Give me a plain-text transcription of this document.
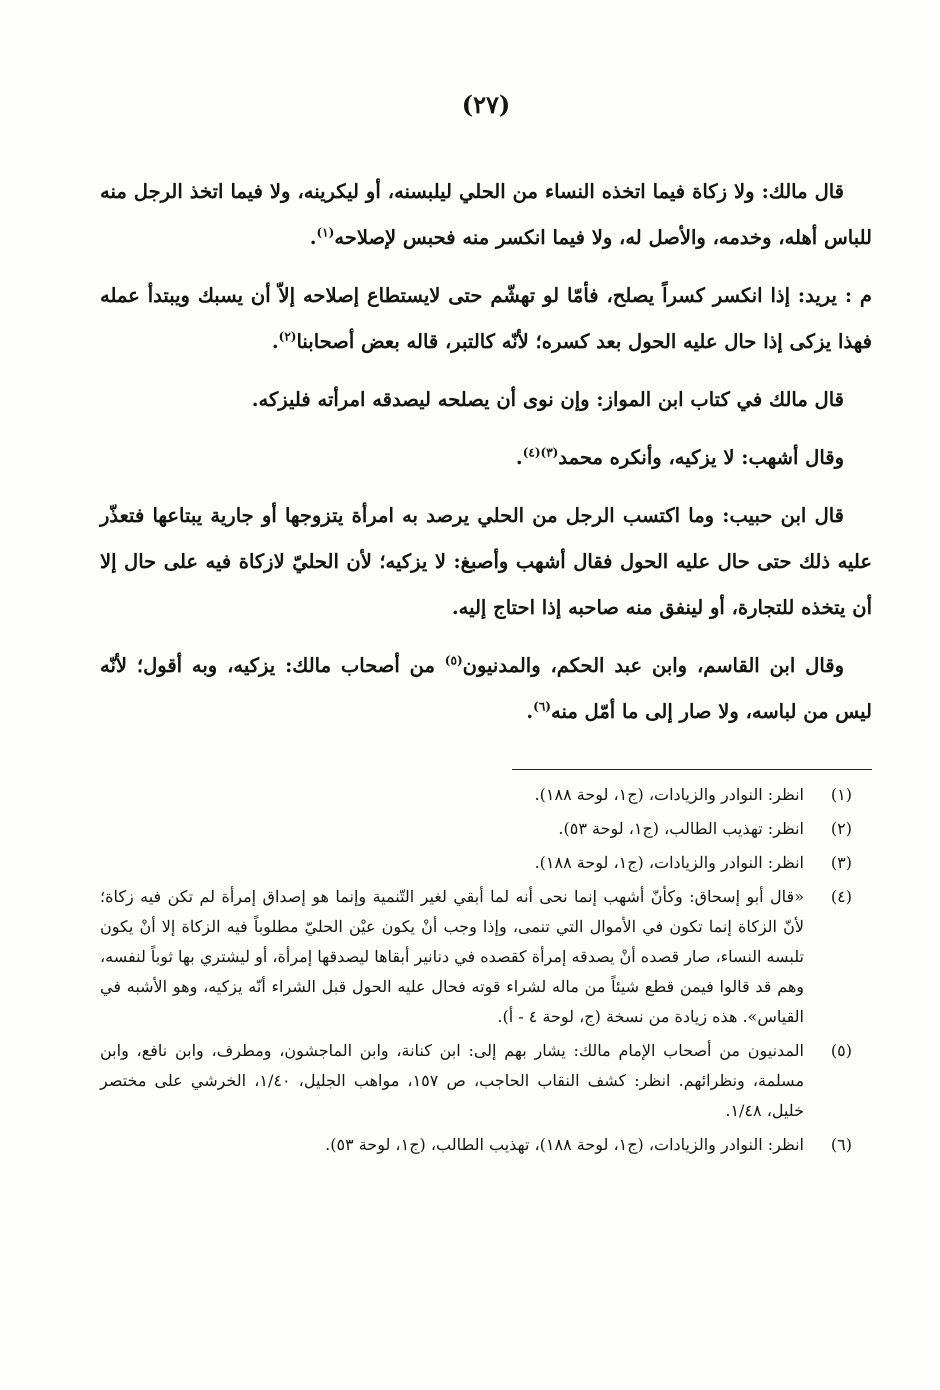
(٢٧)

قال مالك: ولا زكاة فيما اتخذه النساء من الحلي ليلبسنه، أو ليكرينه، ولا فيما اتخذ الرجل منه للباس أهله، وخدمه، والأصل له، ولا فيما انكسر منه فحبس لإصلاحه$^{(١)}$.

م : يريد: إذا انكسر كسراً يصلح، فأمّا لو تهشّم حتى لايستطاع إصلاحه إلاّ أن يسبك ويبتدأ عمله فهذا يزكى إذا حال عليه الحول بعد كسره؛ لأنّه كالتبر، قاله بعض أصحابنا$^{(٢)}$.

قال مالك في كتاب ابن المواز: وإن نوى أن يصلحه ليصدقه امرأته فليزكه.

وقال أشهب: لا يزكيه، وأنكره محمد$^{(٣)(٤)}$.

قال ابن حبيب: وما اكتسب الرجل من الحلي يرصد به امرأة يتزوجها أو جارية يبتاعها فتعذّر عليه ذلك حتى حال عليه الحول فقال أشهب وأصبغ: لا يزكيه؛ لأن الحليّ لازكاة فيه على حال إلا أن يتخذه للتجارة، أو لينفق منه صاحبه إذا احتاج إليه.

وقال ابن القاسم، وابن عبد الحكم، والمدنيون$^{(٥)}$ من أصحاب مالك: يزكيه، وبه أقول؛ لأنّه ليس من لباسه، ولا صار إلى ما أمّل منه$^{(٦)}$.

(١)
انظر: النوادر والزيادات، (ج١، لوحة ١٨٨).
(٢)
انظر: تهذيب الطالب، (ج١، لوحة ٥٣).
(٣)
انظر: النوادر والزيادات، (ج١، لوحة ١٨٨).
(٤)
«قال أبو إسحاق: وكأنّ أشهب إنما نحى أنه لما أبقي لغير التّنمية وإنما هو إصداق إمرأة لم تكن فيه زكاة؛ لأنّ الزكاة إنما تكون في الأموال التي تنمى، وإذا وجب أنْ يكون عيْن الحليّ مطلوباً فيه الزكاة إلا أنْ يكون تلبسه النساء، صار قصده أنْ يصدقه إمرأة كقصده في دنانير أبقاها ليصدقها إمرأة، أو ليشتري بها ثوباً لنفسه، وهم قد قالوا فيمن قطع شيئاً من ماله لشراء قوته فحال عليه الحول قبل الشراء أنّه يزكيه، وهو الأشبه في القياس». هذه زيادة من نسخة (ج، لوحة ٤ - أ).
(٥)
المدنيون من أصحاب الإمام مالك: يشار بهم إلى: ابن كنانة، وابن الماجشون، ومطرف، وابن نافع، وابن مسلمة، ونظرائهم. انظر: كشف النقاب الحاجب، ص ١٥٧، مواهب الجليل، ١/٤٠، الخرشي على مختصر خليل، ١/٤٨.
(٦)
انظر: النوادر والزيادات، (ج١، لوحة ١٨٨)، تهذيب الطالب، (ج١، لوحة ٥٣).
